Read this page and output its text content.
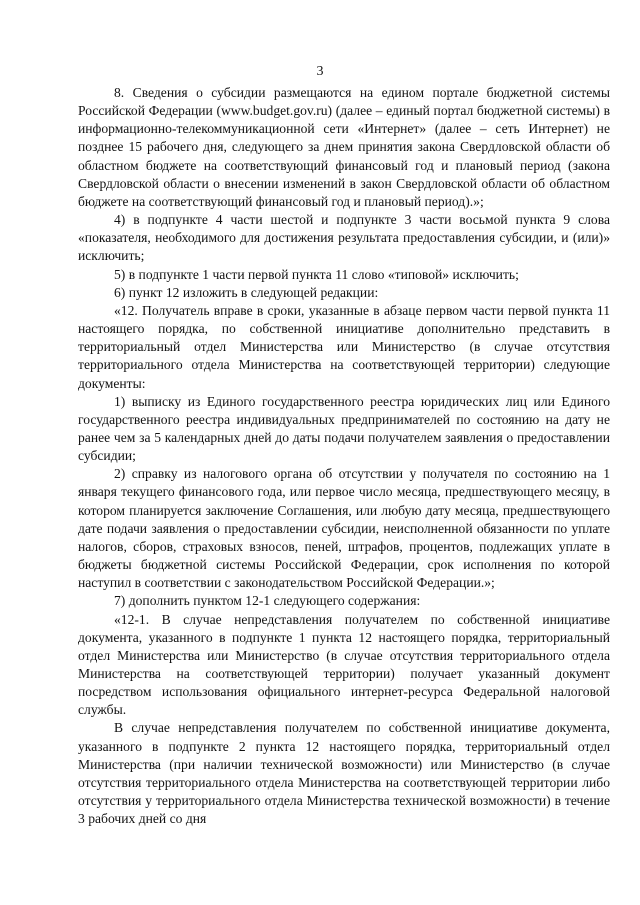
3

8. Сведения о субсидии размещаются на едином портале бюджетной системы Российской Федерации (www.budget.gov.ru) (далее – единый портал бюджетной системы) в информационно-телекоммуникационной сети «Интернет» (далее – сеть Интернет) не позднее 15 рабочего дня, следующего за днем принятия закона Свердловской области об областном бюджете на соответствующий финансовый год и плановый период (закона Свердловской области о внесении изменений в закон Свердловской области об областном бюджете на соответствующий финансовый год и плановый период).»;

4) в подпункте 4 части шестой и подпункте 3 части восьмой пункта 9 слова «показателя, необходимого для достижения результата предоставления субсидии, и (или)» исключить;

5) в подпункте 1 части первой пункта 11 слово «типовой» исключить;

6) пункт 12 изложить в следующей редакции:

«12. Получатель вправе в сроки, указанные в абзаце первом части первой пункта 11 настоящего порядка, по собственной инициативе дополнительно представить в территориальный отдел Министерства или Министерство (в случае отсутствия территориального отдела Министерства на соответствующей территории) следующие документы:

1) выписку из Единого государственного реестра юридических лиц или Единого государственного реестра индивидуальных предпринимателей по состоянию на дату не ранее чем за 5 календарных дней до даты подачи получателем заявления о предоставлении субсидии;

2) справку из налогового органа об отсутствии у получателя по состоянию на 1 января текущего финансового года, или первое число месяца, предшествующего месяцу, в котором планируется заключение Соглашения, или любую дату месяца, предшествующего дате подачи заявления о предоставлении субсидии, неисполненной обязанности по уплате налогов, сборов, страховых взносов, пеней, штрафов, процентов, подлежащих уплате в бюджеты бюджетной системы Российской Федерации, срок исполнения по которой наступил в соответствии с законодательством Российской Федерации.»;

7) дополнить пунктом 12-1 следующего содержания:

«12-1. В случае непредставления получателем по собственной инициативе документа, указанного в подпункте 1 пункта 12 настоящего порядка, территориальный отдел Министерства или Министерство (в случае отсутствия территориального отдела Министерства на соответствующей территории) получает указанный документ посредством использования официального интернет-ресурса Федеральной налоговой службы.

В случае непредставления получателем по собственной инициативе документа, указанного в подпункте 2 пункта 12 настоящего порядка, территориальный отдел Министерства (при наличии технической возможности) или Министерство (в случае отсутствия территориального отдела Министерства на соответствующей территории либо отсутствия у территориального отдела Министерства технической возможности) в течение 3 рабочих дней со дня
